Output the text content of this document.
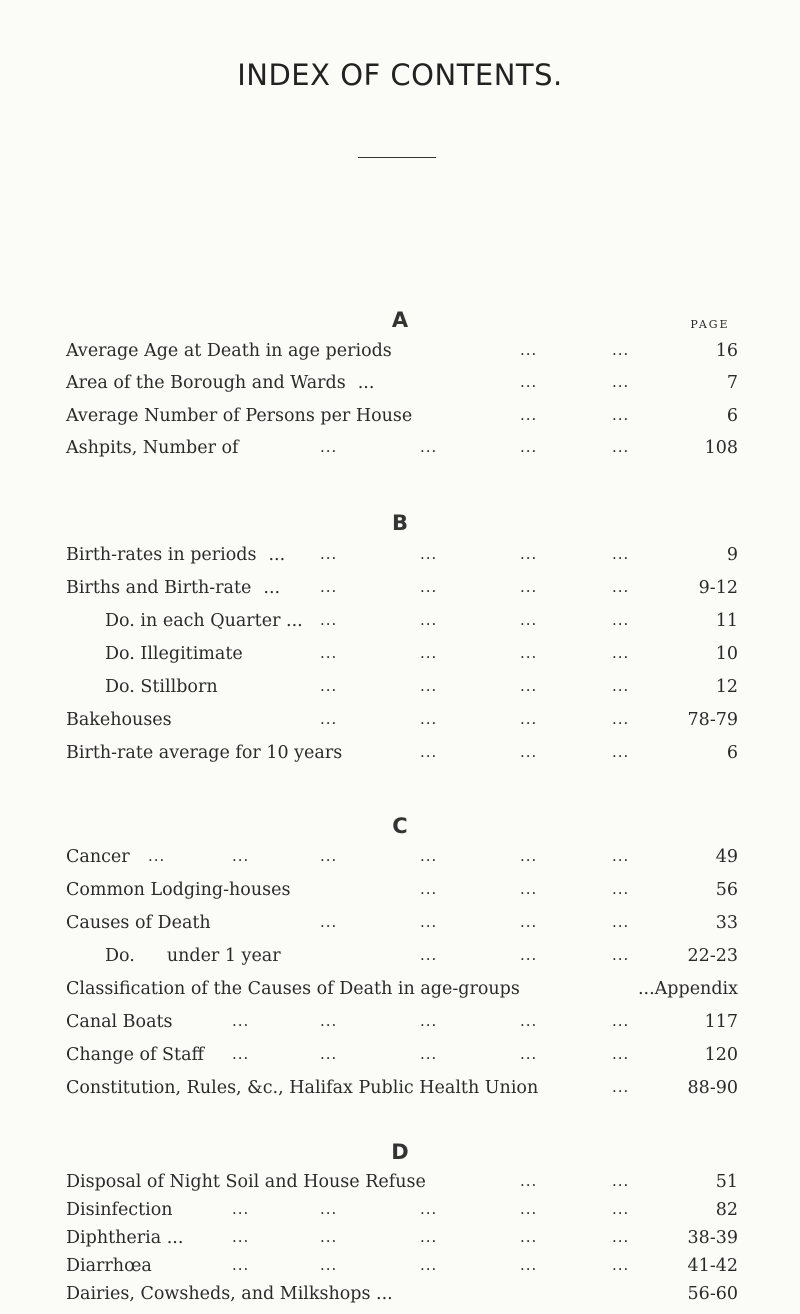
INDEX OF CONTENTS.
A	PAGE
Average Age at Death in age periods	...	...	16
Area of the Borough and Wards ...	...	...	7
Average Number of Persons per House	...	...	6
Ashpits, Number of	...	...	...	...	108
B
Birth-rates in periods ... ...	...	...	...	9
Births and Birth-rate ...	...	...	...	...	9-12
Do. in each Quarter ... ...	...	...	...	11
Do. Illegitimate	...	...	...	...	10
Do. Stillborn	...	...	...	...	12
Bakehouses	...	...	...	...	78-79
Birth-rate average for 10 years	...	...	...	6
C
Cancer ...	...	...	...	...	...	49
Common Lodging-houses	...	...	...	56
Causes of Death	...	...	...	...	33
Do. under 1 year	...	...	...	22-23
Classification of the Causes of Death in age-groups	...Appendix
Canal Boats	...	...	...	...	...	117
Change of Staff ...	...	...	...	...	120
Constitution, Rules, &c., Halifax Public Health Union	...	88-90
D
Disposal of Night Soil and House Refuse	...	...	51
Disinfection	...	...	...	...	...	82
Diphtheria ...	...	...	...	...	...	38-39
Diarrhœa	...	...	...	...	...	41-42
Dairies, Cowsheds, and Milkshops ...	56-60
